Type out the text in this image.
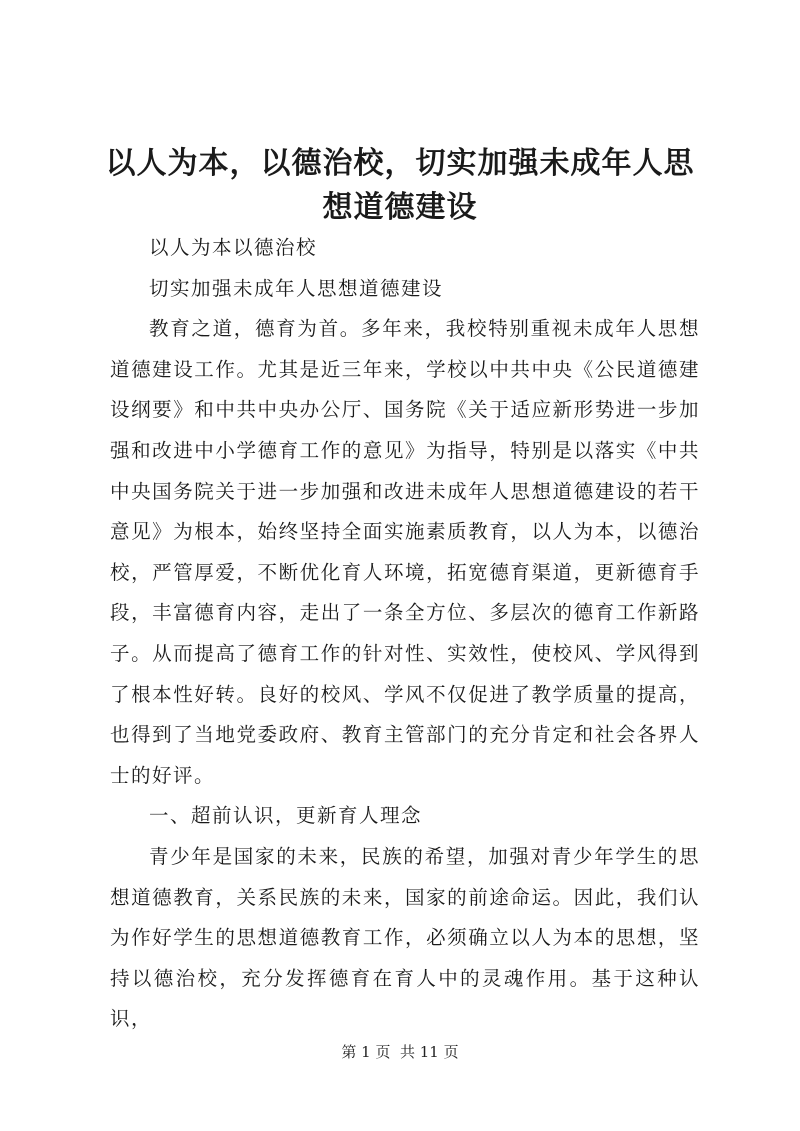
以人为本，以德治校，切实加强未成年人思想道德建设

以人为本以德治校

切实加强未成年人思想道德建设

教育之道，德育为首。多年来，我校特别重视未成年人思想道德建设工作。尤其是近三年来，学校以中共中央《公民道德建设纲要》和中共中央办公厅、国务院《关于适应新形势进一步加强和改进中小学德育工作的意见》为指导，特别是以落实《中共中央国务院关于进一步加强和改进未成年人思想道德建设的若干意见》为根本，始终坚持全面实施素质教育，以人为本，以德治校，严管厚爱，不断优化育人环境，拓宽德育渠道，更新德育手段，丰富德育内容，走出了一条全方位、多层次的德育工作新路子。从而提高了德育工作的针对性、实效性，使校风、学风得到了根本性好转。良好的校风、学风不仅促进了教学质量的提高，也得到了当地党委政府、教育主管部门的充分肯定和社会各界人士的好评。

一、超前认识，更新育人理念

青少年是国家的未来，民族的希望，加强对青少年学生的思想道德教育，关系民族的未来，国家的前途命运。因此，我们认为作好学生的思想道德教育工作，必须确立以人为本的思想，坚持以德治校，充分发挥德育在育人中的灵魂作用。基于这种认识，

第 1 页  共 11 页
